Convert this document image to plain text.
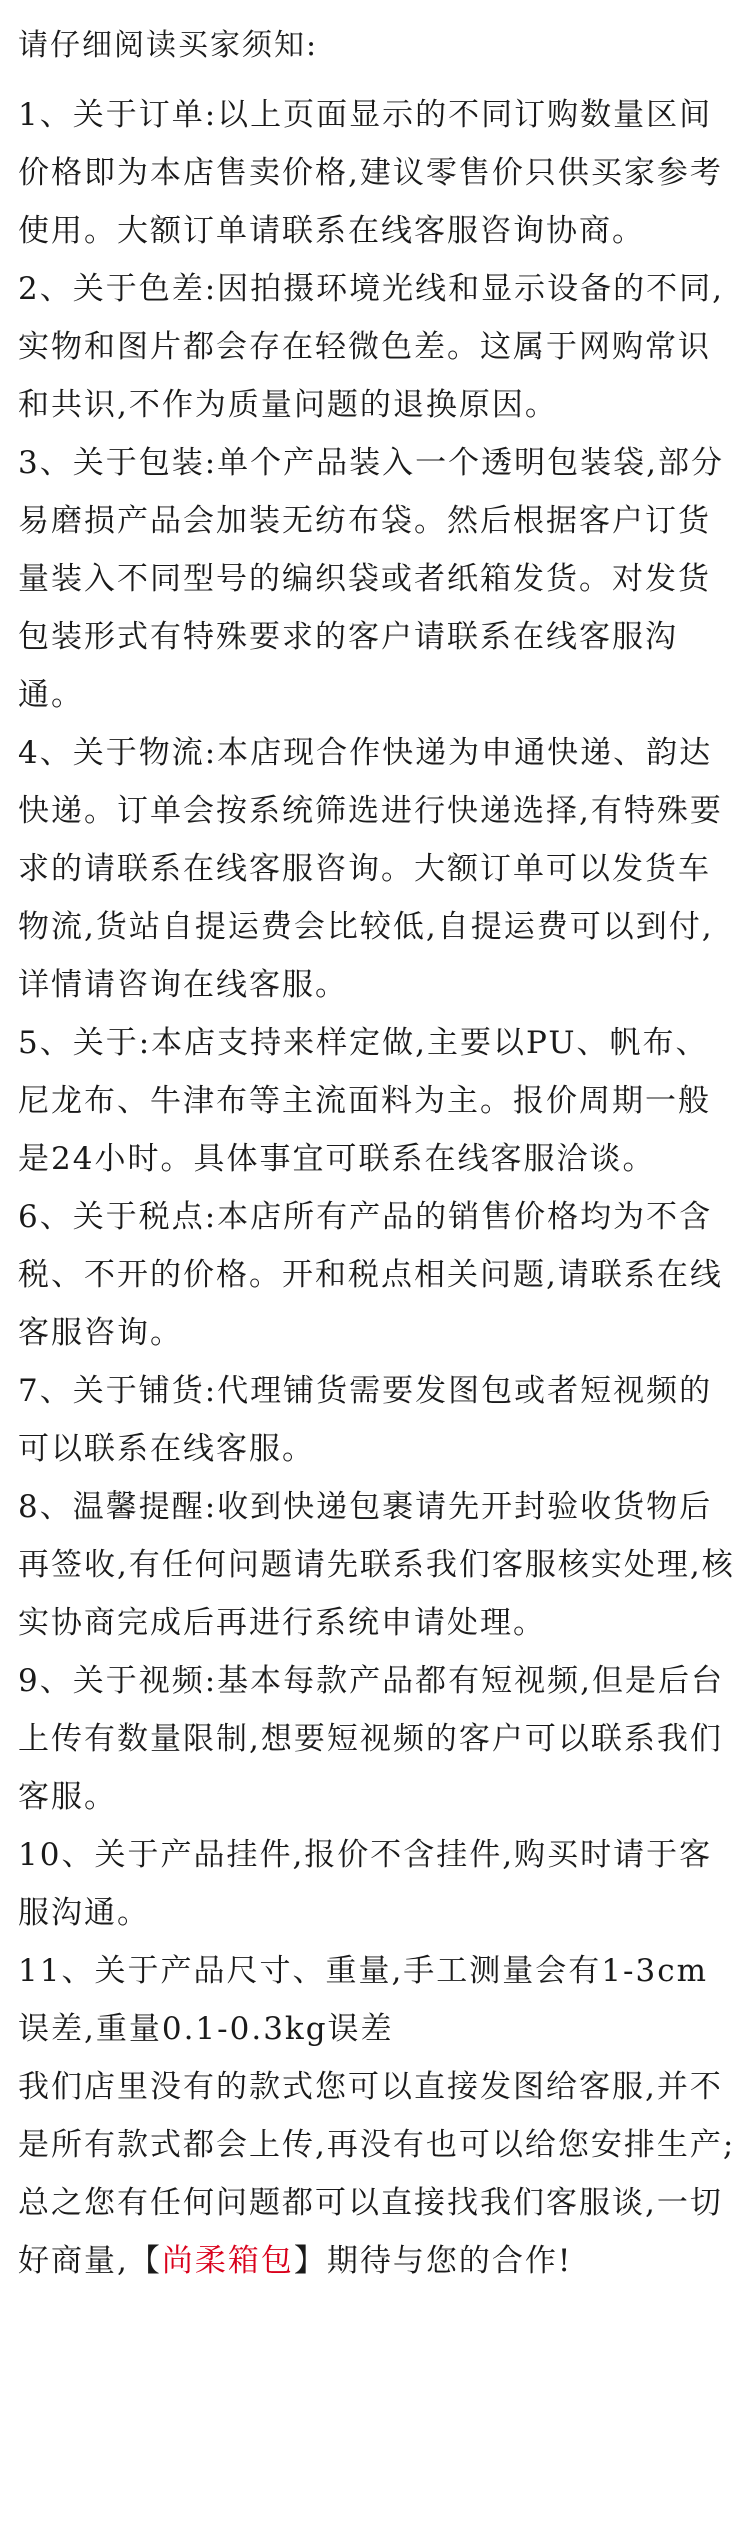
请仔细阅读买家须知:

1、关于订单:以上页面显示的不同订购数量区间价格即为本店售卖价格,建议零售价只供买家参考使用。大额订单请联系在线客服咨询协商。

2、关于色差:因拍摄环境光线和显示设备的不同,实物和图片都会存在轻微色差。这属于网购常识和共识,不作为质量问题的退换原因。

3、关于包装:单个产品装入一个透明包装袋,部分易磨损产品会加装无纺布袋。然后根据客户订货量装入不同型号的编织袋或者纸箱发货。对发货包装形式有特殊要求的客户请联系在线客服沟通。

4、关于物流:本店现合作快递为申通快递、韵达快递。订单会按系统筛选进行快递选择,有特殊要求的请联系在线客服咨询。大额订单可以发货车物流,货站自提运费会比较低,自提运费可以到付,详情请咨询在线客服。

5、关于:本店支持来样定做,主要以PU、帆布、尼龙布、牛津布等主流面料为主。报价周期一般是24小时。具体事宜可联系在线客服洽谈。

6、关于税点:本店所有产品的销售价格均为不含税、不开的价格。开和税点相关问题,请联系在线客服咨询。

7、关于铺货:代理铺货需要发图包或者短视频的可以联系在线客服。

8、温馨提醒:收到快递包裹请先开封验收货物后再签收,有任何问题请先联系我们客服核实处理,核实协商完成后再进行系统申请处理。

9、关于视频:基本每款产品都有短视频,但是后台上传有数量限制,想要短视频的客户可以联系我们客服。

10、关于产品挂件,报价不含挂件,购买时请于客服沟通。

11、关于产品尺寸、重量,手工测量会有1-3cm误差,重量0.1-0.3kg误差

我们店里没有的款式您可以直接发图给客服,并不是所有款式都会上传,再没有也可以给您安排生产;

总之您有任何问题都可以直接找我们客服谈,一切好商量,【尚柔箱包】期待与您的合作!
